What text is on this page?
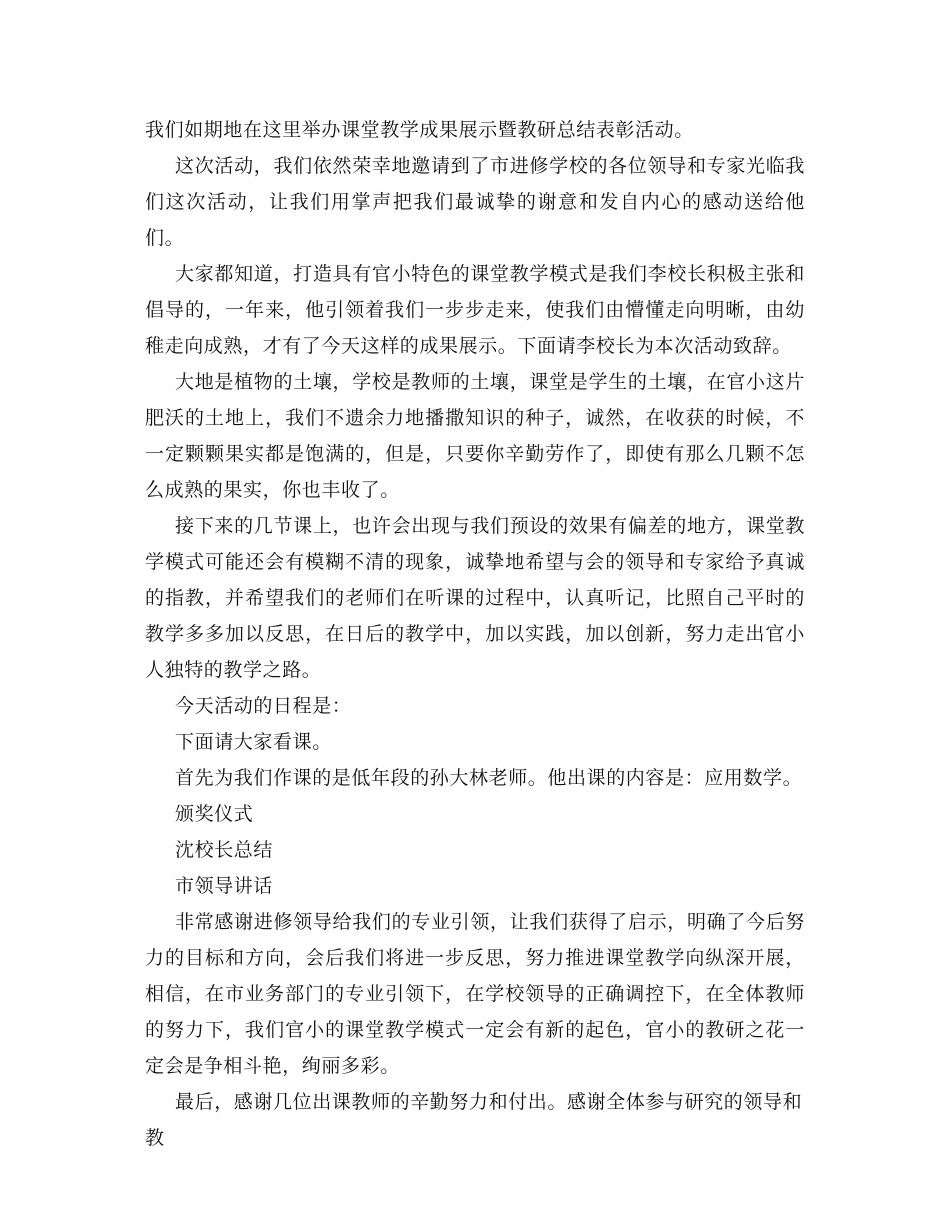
我们如期地在这里举办课堂教学成果展示暨教研总结表彰活动。

这次活动，我们依然荣幸地邀请到了市进修学校的各位领导和专家光临我们这次活动，让我们用掌声把我们最诚挚的谢意和发自内心的感动送给他们。

大家都知道，打造具有官小特色的课堂教学模式是我们李校长积极主张和倡导的，一年来，他引领着我们一步步走来，使我们由懵懂走向明晰，由幼稚走向成熟，才有了今天这样的成果展示。下面请李校长为本次活动致辞。

大地是植物的土壤，学校是教师的土壤，课堂是学生的土壤，在官小这片肥沃的土地上，我们不遗余力地播撒知识的种子，诚然，在收获的时候，不一定颗颗果实都是饱满的，但是，只要你辛勤劳作了，即使有那么几颗不怎么成熟的果实，你也丰收了。

接下来的几节课上，也许会出现与我们预设的效果有偏差的地方，课堂教学模式可能还会有模糊不清的现象，诚挚地希望与会的领导和专家给予真诚的指教，并希望我们的老师们在听课的过程中，认真听记，比照自己平时的教学多多加以反思，在日后的教学中，加以实践，加以创新，努力走出官小人独特的教学之路。

今天活动的日程是：

下面请大家看课。

首先为我们作课的是低年段的孙大林老师。他出课的内容是：应用数学。

颁奖仪式

沈校长总结

市领导讲话

非常感谢进修领导给我们的专业引领，让我们获得了启示，明确了今后努力的目标和方向，会后我们将进一步反思，努力推进课堂教学向纵深开展，相信，在市业务部门的专业引领下，在学校领导的正确调控下，在全体教师的努力下，我们官小的课堂教学模式一定会有新的起色，官小的教研之花一定会是争相斗艳，绚丽多彩。

最后，感谢几位出课教师的辛勤努力和付出。感谢全体参与研究的领导和教
